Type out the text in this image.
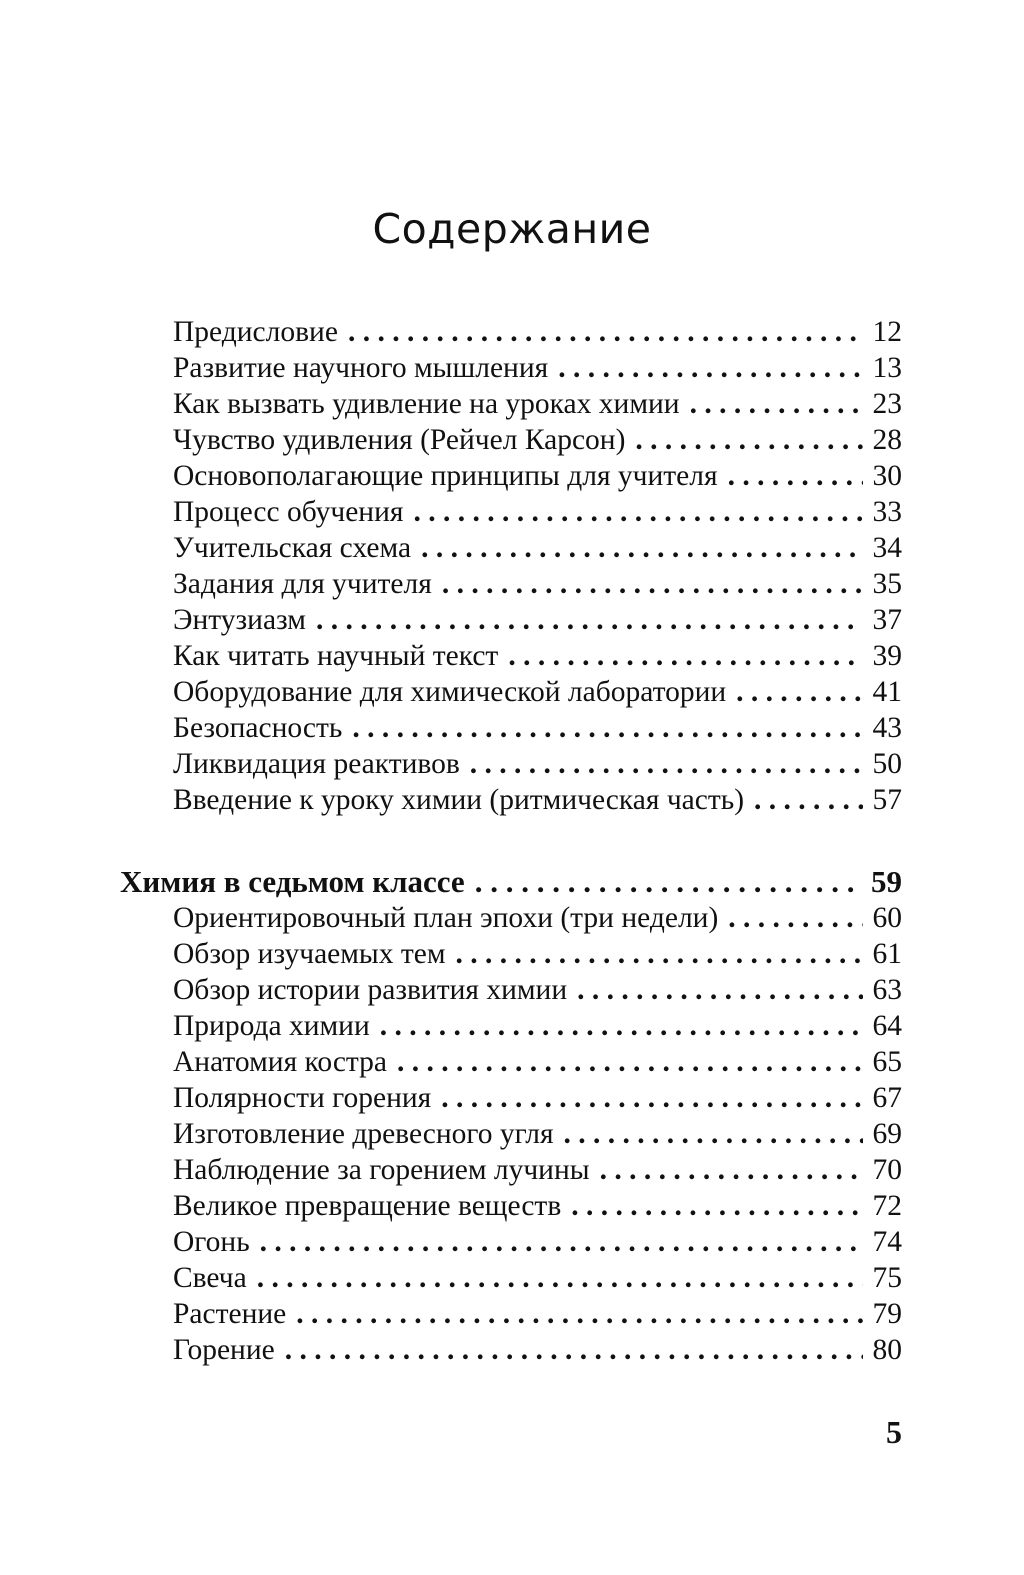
Содержание
Предисловие . . .	12
Развитие научного мышления . . .	13
Как вызвать удивление на уроках химии . . .	23
Чувство удивления (Рейчел Карсон) . . .	28
Основополагающие принципы для учителя . . .	30
Процесс обучения . . .	33
Учительская схема . . .	34
Задания для учителя . . .	35
Энтузиазм . . .	37
Как читать научный текст . . .	39
Оборудование для химической лаборатории . . .	41
Безопасность . . .	43
Ликвидация реактивов . . .	50
Введение к уроку химии (ритмическая часть) . . .	57
Химия в седьмом классе . . .	59
Ориентировочный план эпохи (три недели) . . .	60
Обзор изучаемых тем . . .	61
Обзор истории развития химии . . .	63
Природа химии . . .	64
Анатомия костра . . .	65
Полярности горения . . .	67
Изготовление древесного угля . . .	69
Наблюдение за горением лучины . . .	70
Великое превращение веществ . . .	72
Огонь . . .	74
Свеча . . .	75
Растение . . .	79
Горение . . .	80
5
